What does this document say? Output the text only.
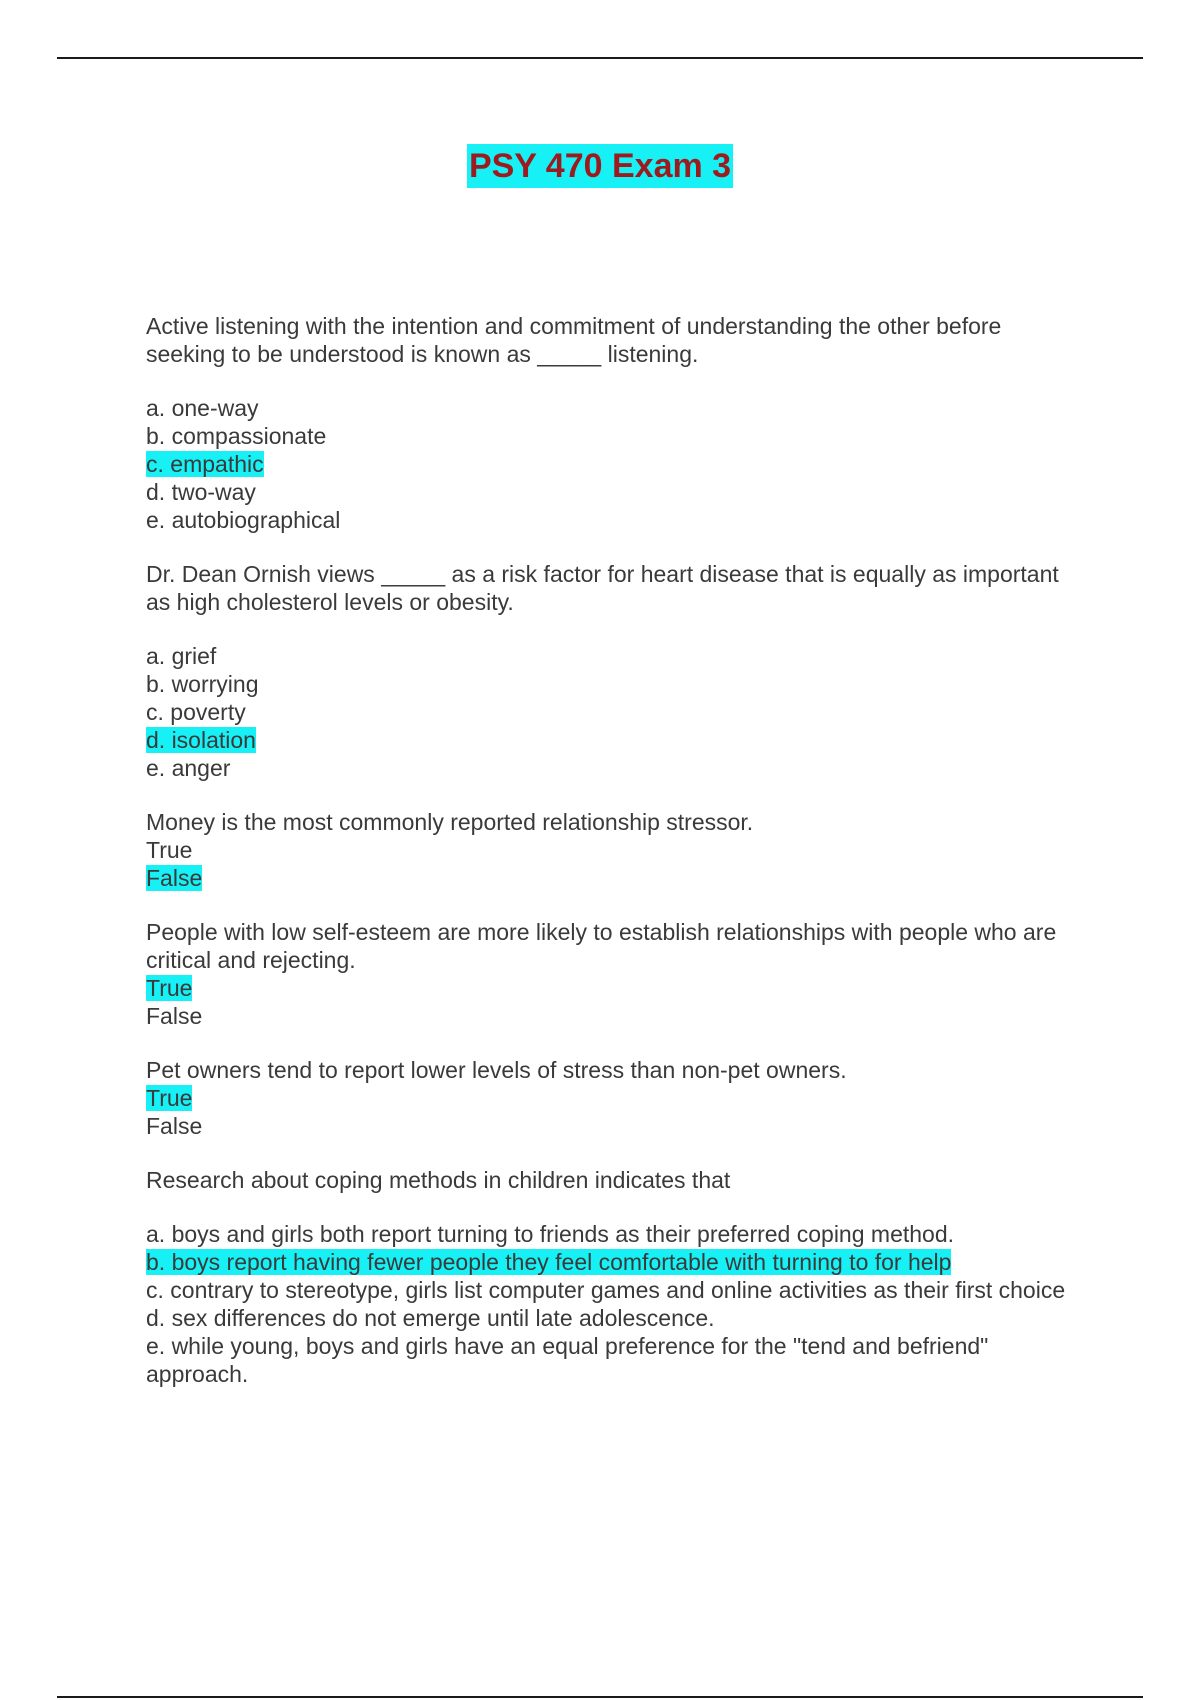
PSY 470 Exam 3

Active listening with the intention and commitment of understanding the other before seeking to be understood is known as _____ listening.

a. one-way
b. compassionate
c. empathic
d. two-way
e. autobiographical

Dr. Dean Ornish views _____ as a risk factor for heart disease that is equally as important as high cholesterol levels or obesity.

a. grief
b. worrying
c. poverty
d. isolation
e. anger

Money is the most commonly reported relationship stressor.

True
False

People with low self-esteem are more likely to establish relationships with people who are critical and rejecting.

True
False

Pet owners tend to report lower levels of stress than non-pet owners.

True
False

Research about coping methods in children indicates that

a. boys and girls both report turning to friends as their preferred coping method.
b. boys report having fewer people they feel comfortable with turning to for help
c. contrary to stereotype, girls list computer games and online activities as their first choice
d. sex differences do not emerge until late adolescence.
e. while young, boys and girls have an equal preference for the "tend and befriend" approach.
